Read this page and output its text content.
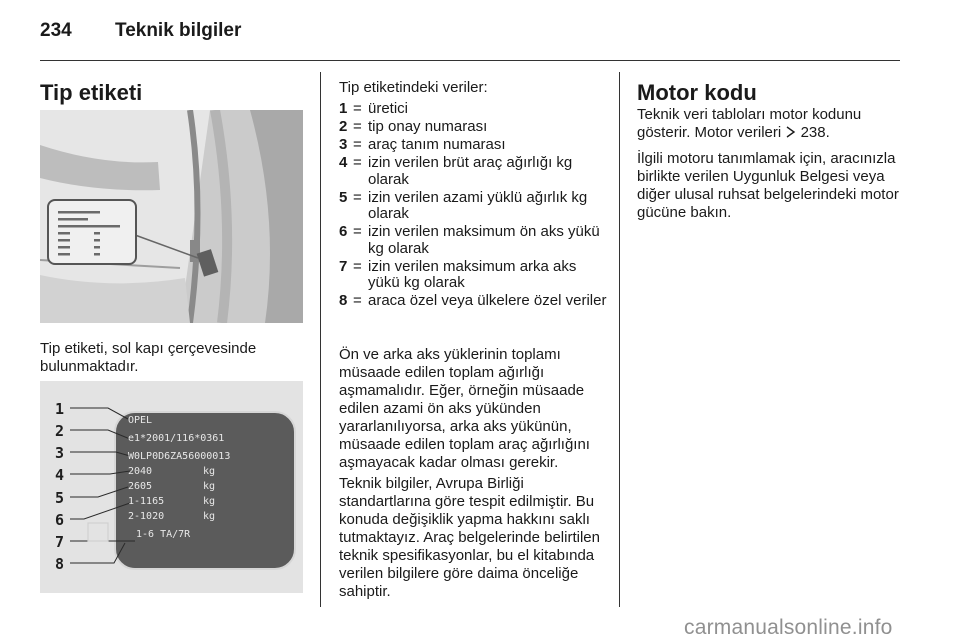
234 Teknik bilgiler
Tip etiketi
Tip etiketi, sol kapı çerçevesinde bulunmaktadır.
1
2
3
4
5
6
7
8
OPEL
e1*2001/116*0361
W0LP0D6ZA56000013
2040
2605
1-1165
2-1020
1-6 TA/7R
kg
kg
kg
kg
Tip etiketindeki veriler:
1 = üretici
2 = tip onay numarası
3 = araç tanım numarası
4 = izin verilen brüt araç ağırlığı kg olarak
5 = izin verilen azami yüklü ağırlık kg olarak
6 = izin verilen maksimum ön aks yükü kg olarak
7 = izin verilen maksimum arka aks yükü kg olarak
8 = araca özel veya ülkelere özel veriler
Ön ve arka aks yüklerinin toplamı müsaade edilen toplam ağırlığı aşmamalıdır. Eğer, örneğin müsaade edilen azami ön aks yükünden yararlanılıyorsa, arka aks yükünün, müsaade edilen toplam araç ağırlığını aşmayacak kadar olması gerekir.
Teknik bilgiler, Avrupa Birliği standartlarına göre tespit edilmiştir. Bu konuda değişiklik yapma hakkını saklı tutmaktayız. Araç belgelerinde belirtilen teknik spesifikasyonlar, bu el kitabında verilen bilgilere göre daima önceliğe sahiptir.
Motor kodu
Teknik veri tabloları motor kodunu gösterir. Motor verileri 238.
İlgili motoru tanımlamak için, aracınızla birlikte verilen Uygunluk Belgesi veya diğer ulusal ruhsat belgelerindeki motor gücüne bakın.
carmanualsonline.info
